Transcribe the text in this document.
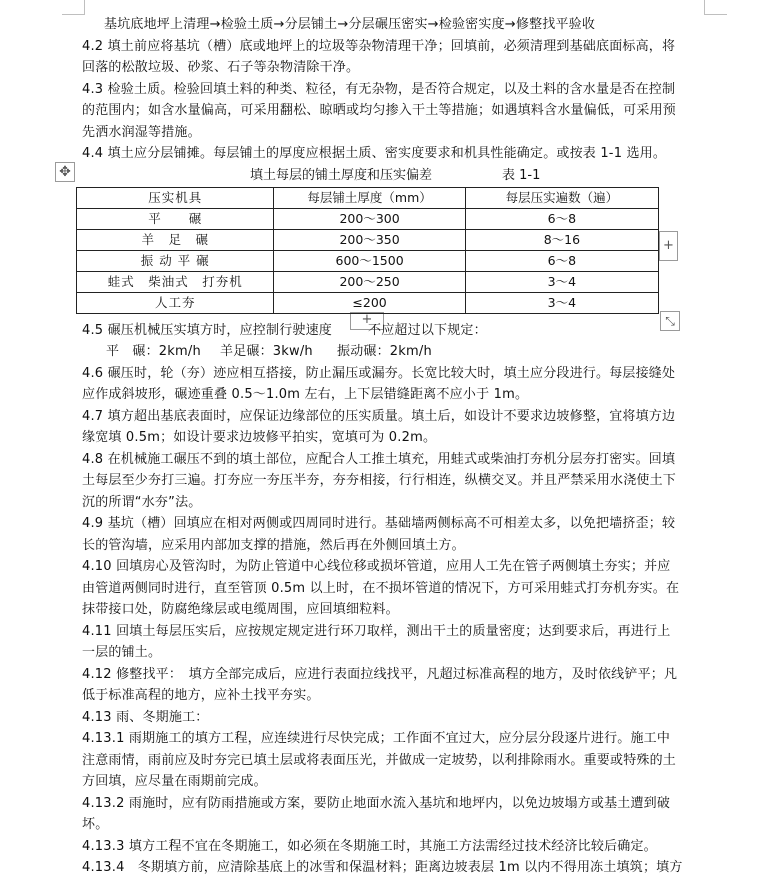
✥
+
+	⤡
基坑底地坪上清理→检验土质→分层铺土→分层碾压密实→检验密实度→修整找平验收
4.2 填土前应将基坑（槽）底或地坪上的垃圾等杂物清理干净；回填前，必须清理到基础底面标高，将
回落的松散垃圾、砂浆、石子等杂物清除干净。
4.3 检验土质。检验回填土料的种类、粒径，有无杂物，是否符合规定，以及土料的含水量是否在控制
的范围内；如含水量偏高，可采用翻松、晾晒或均匀掺入干土等措施；如遇填料含水量偏低，可采用预
先洒水润湿等措施。
4.4 填土应分层铺摊。每层铺土的厚度应根据土质、密实度要求和机具性能确定。或按表 1-1 选用。
填土每层的铺土厚度和压实偏差	表 1-1
压实机具	每层铺土厚度（mm）	每层压实遍数（遍）
平　　碾	200～300	6～8
羊　足　碾	200～350	8～16
振 动 平 碾	600～1500	6～8
蛙式　柴油式　打夯机	200～250	3～4
人工夯	≤200	3～4
4.5 碾压机械压实填方时，应控制行驶速度	不应超过以下规定：
平　碾：2km/h 羊足碾：3kw/h 振动碾：2km/h
4.6 碾压时，轮（夯）迹应相互搭接，防止漏压或漏夯。长宽比较大时，填土应分段进行。每层接缝处
应作成斜坡形，碾迹重叠 0.5～1.0m 左右，上下层错缝距离不应小于 1m。
4.7 填方超出基底表面时，应保证边缘部位的压实质量。填土后，如设计不要求边坡修整，宜将填方边
缘宽填 0.5m；如设计要求边坡修平拍实，宽填可为 0.2m。
4.8 在机械施工碾压不到的填土部位，应配合人工推土填充，用蛙式或柴油打夯机分层夯打密实。回填
土每层至少夯打三遍。打夯应一夯压半夯，夯夯相接，行行相连，纵横交叉。并且严禁采用水浇使土下
沉的所谓“水夯”法。
4.9 基坑（槽）回填应在相对两侧或四周同时进行。基础墙两侧标高不可相差太多，以免把墙挤歪；较
长的管沟墙，应采用内部加支撑的措施，然后再在外侧回填土方。
4.10 回填房心及管沟时，为防止管道中心线位移或损坏管道，应用人工先在管子两侧填土夯实；并应
由管道两侧同时进行，直至管顶 0.5m 以上时，在不损坏管道的情况下，方可采用蛙式打夯机夯实。在
抹带接口处，防腐绝缘层或电缆周围，应回填细粒料。
4.11 回填土每层压实后，应按规定规定进行环刀取样，测出干土的质量密度；达到要求后，再进行上
一层的铺土。
4.12 修整找平：　填方全部完成后，应进行表面拉线找平，凡超过标准高程的地方，及时依线铲平；凡
低于标准高程的地方，应补土找平夯实。
4.13 雨、冬期施工：
4.13.1 雨期施工的填方工程，应连续进行尽快完成；工作面不宜过大，应分层分段逐片进行。施工中
注意雨情，雨前应及时夯完已填土层或将表面压光，并做成一定坡势，以利排除雨水。重要或特殊的土
方回填，应尽量在雨期前完成。
4.13.2 雨施时，应有防雨措施或方案，要防止地面水流入基坑和地坪内，以免边坡塌方或基土遭到破
坏。
4.13.3 填方工程不宜在冬期施工，如必须在冬期施工时，其施工方法需经过技术经济比较后确定。
4.13.4　冬期填方前，应清除基底上的冰雪和保温材料；距离边坡表层 1m 以内不得用冻土填筑；填方
